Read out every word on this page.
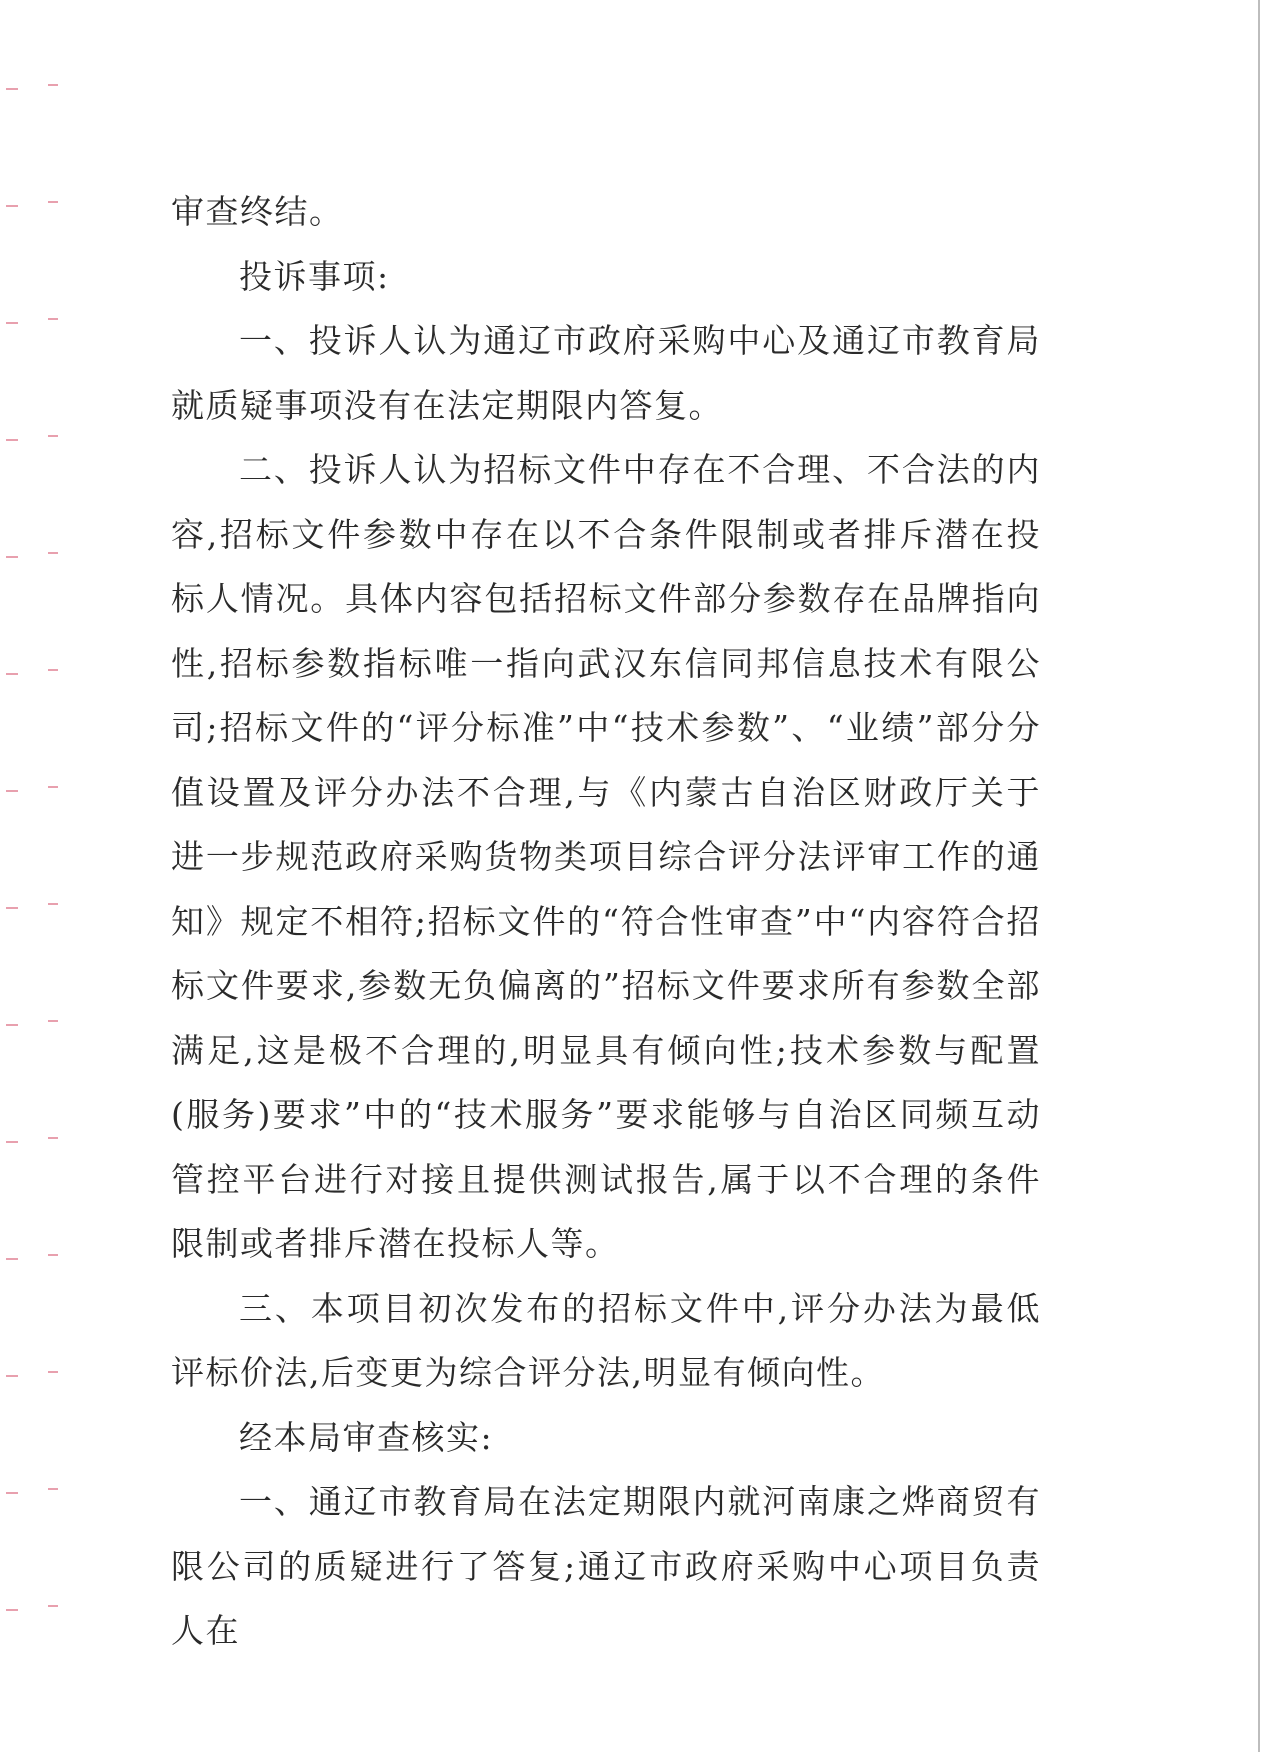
审查终结。

投诉事项:

一、投诉人认为通辽市政府采购中心及通辽市教育局就质疑事项没有在法定期限内答复。

二、投诉人认为招标文件中存在不合理、不合法的内容,招标文件参数中存在以不合条件限制或者排斥潜在投标人情况。具体内容包括招标文件部分参数存在品牌指向性,招标参数指标唯一指向武汉东信同邦信息技术有限公司;招标文件的“评分标准”中“技术参数”、“业绩”部分分值设置及评分办法不合理,与《内蒙古自治区财政厅关于进一步规范政府采购货物类项目综合评分法评审工作的通知》规定不相符;招标文件的“符合性审查”中“内容符合招标文件要求,参数无负偏离的”招标文件要求所有参数全部满足,这是极不合理的,明显具有倾向性;技术参数与配置(服务)要求”中的“技术服务”要求能够与自治区同频互动管控平台进行对接且提供测试报告,属于以不合理的条件限制或者排斥潜在投标人等。

三、本项目初次发布的招标文件中,评分办法为最低评标价法,后变更为综合评分法,明显有倾向性。

经本局审查核实:

一、通辽市教育局在法定期限内就河南康之烨商贸有限公司的质疑进行了答复;通辽市政府采购中心项目负责人在
